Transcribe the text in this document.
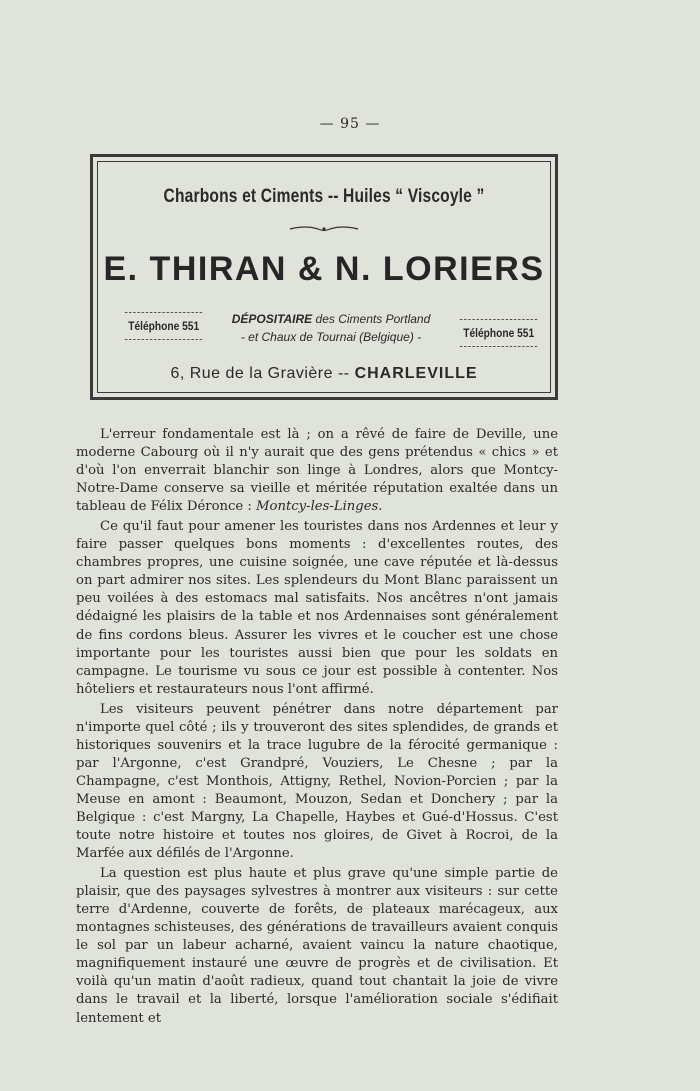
— 95 —
Charbons et Ciments -- Huiles “ Viscoyle ”
E. THIRAN & N. LORIERS
Téléphone 551	DÉPOSITAIRE des Ciments Portland
- et Chaux de Tournai (Belgique) -	Téléphone 551
6, Rue de la Gravière -- CHARLEVILLE

L'erreur fondamentale est là ; on a rêvé de faire de Deville, une moderne Cabourg où il n'y aurait que des gens prétendus « chics » et d'où l'on enverrait blanchir son linge à Londres, alors que Montcy-Notre-Dame conserve sa vieille et méritée réputation exaltée dans un tableau de Félix Déronce : Montcy-les-Linges.

Ce qu'il faut pour amener les touristes dans nos Ardennes et leur y faire passer quelques bons moments : d'excellentes routes, des chambres propres, une cuisine soignée, une cave réputée et là-dessus on part admirer nos sites. Les splendeurs du Mont Blanc paraissent un peu voilées à des estomacs mal satisfaits. Nos ancêtres n'ont jamais dédaigné les plaisirs de la table et nos Ardennaises sont généralement de fins cordons bleus. Assurer les vivres et le coucher est une chose importante pour les touristes aussi bien que pour les soldats en campagne. Le tourisme vu sous ce jour est possible à contenter. Nos hôteliers et restaurateurs nous l'ont affirmé.

Les visiteurs peuvent pénétrer dans notre département par n'importe quel côté ; ils y trouveront des sites splendides, de grands et historiques souvenirs et la trace lugubre de la férocité germanique : par l'Argonne, c'est Grandpré, Vouziers, Le Chesne ; par la Champagne, c'est Monthois, Attigny, Rethel, Novion-Porcien ; par la Meuse en amont : Beaumont, Mouzon, Sedan et Donchery ; par la Belgique : c'est Margny, La Chapelle, Haybes et Gué-d'Hossus. C'est toute notre histoire et toutes nos gloires, de Givet à Rocroi, de la Marfée aux défilés de l'Argonne.

La question est plus haute et plus grave qu'une simple partie de plaisir, que des paysages sylvestres à montrer aux visiteurs : sur cette terre d'Ardenne, couverte de forêts, de plateaux marécageux, aux montagnes schisteuses, des générations de travailleurs avaient conquis le sol par un labeur acharné, avaient vaincu la nature chaotique, magnifiquement instauré une œuvre de progrès et de civilisation. Et voilà qu'un matin d'août radieux, quand tout chantait la joie de vivre dans le travail et la liberté, lorsque l'amélioration sociale s'édifiait lentement et
